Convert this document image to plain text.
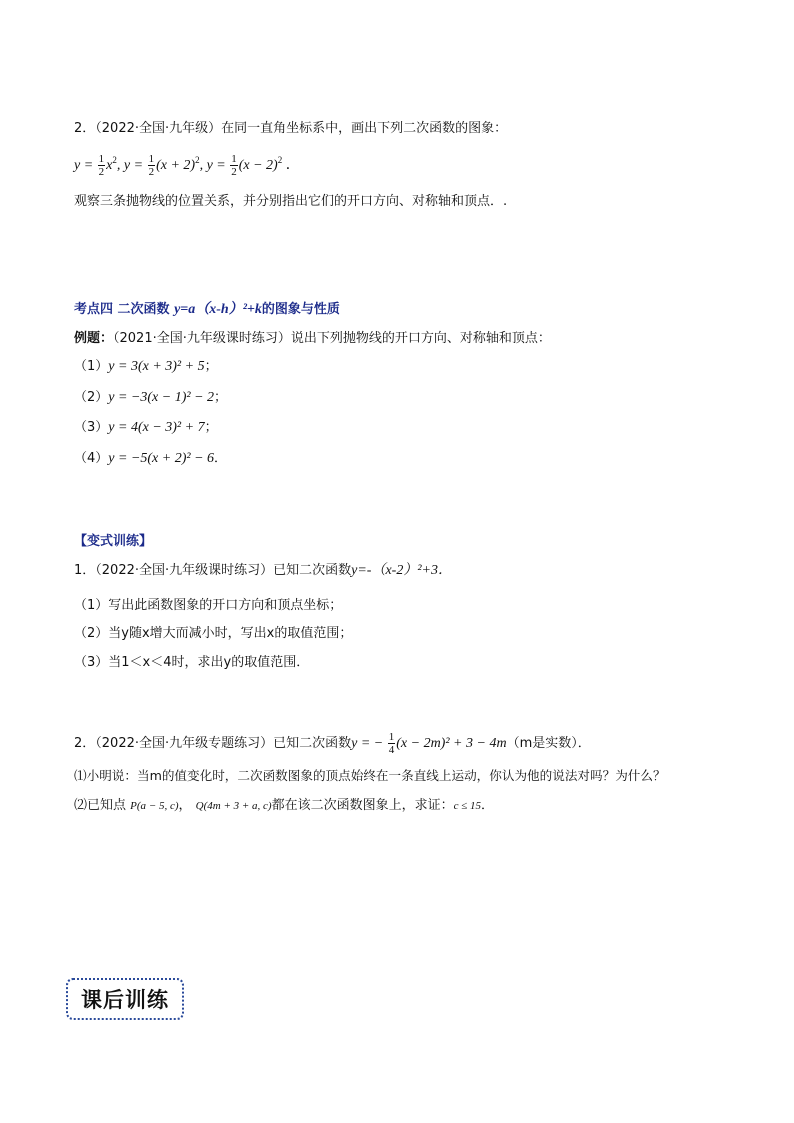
2．（2022·全国·九年级）在同一直角坐标系中，画出下列二次函数的图象：
$y = \frac{1}{2} x^2$, $y = \frac{1}{2} (x + 2)^2$, $y = \frac{1}{2} (x - 2)^2$ ．
观察三条抛物线的位置关系，并分别指出它们的开口方向、对称轴和顶点．.
考点四 二次函数 y=a（x-h）²+k的图象与性质
例题：（2021·全国·九年级课时练习）说出下列抛物线的开口方向、对称轴和顶点：
（1）y = 3(x + 3)² + 5；
（2）y = −3(x − 1)² − 2；
（3）y = 4(x − 3)² + 7；
（4）y = −5(x + 2)² − 6．
【变式训练】
1．（2022·全国·九年级课时练习）已知二次函数y=-（x-2）²+3．
（1）写出此函数图象的开口方向和顶点坐标；
（2）当y随x增大而减小时，写出x的取值范围；
（3）当1＜x＜4时，求出y的取值范围．
2．（2022·全国·九年级专题练习）已知二次函数y = − $\frac{1}{4} (x - 2m)^2 + 3 - 4m(m$是实数）．
⑴小明说：当m的值变化时，二次函数图象的顶点始终在一条直线上运动，你认为他的说法对吗？为什么？
⑵已知点 P(a − 5, c)， Q(4m + 3 + a, c)都在该二次函数图象上，求证：c ≤ 15．
课后训练
